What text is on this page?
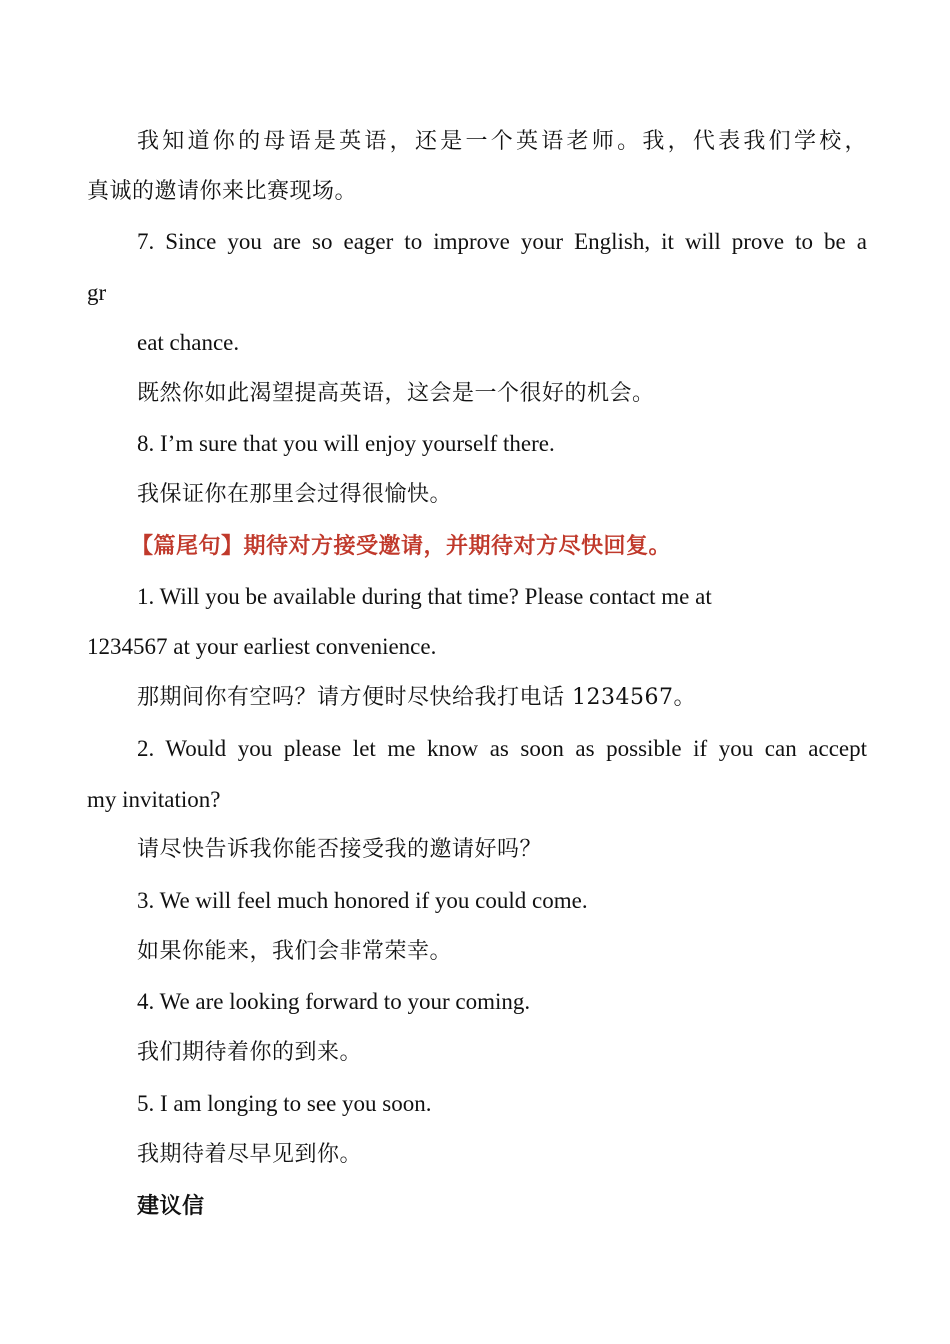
我知道你的母语是英语，还是一个英语老师。我，代表我们学校，
真诚的邀请你来比赛现场。
7. Since you are so eager to improve your English, it will prove to be a
gr
eat chance.
既然你如此渴望提高英语，这会是一个很好的机会。
8. I’m sure that you will enjoy yourself there.
我保证你在那里会过得很愉快。
【篇尾句】期待对方接受邀请，并期待对方尽快回复。
1. Will you be available during that time? Please contact me at
1234567 at your earliest convenience.
那期间你有空吗？请方便时尽快给我打电话 1234567。
2. Would you please let me know as soon as possible if you can accept
my invitation?
请尽快告诉我你能否接受我的邀请好吗？
3. We will feel much honored if you could come.
如果你能来，我们会非常荣幸。
4. We are looking forward to your coming.
我们期待着你的到来。
5. I am longing to see you soon.
我期待着尽早见到你。
建议信
